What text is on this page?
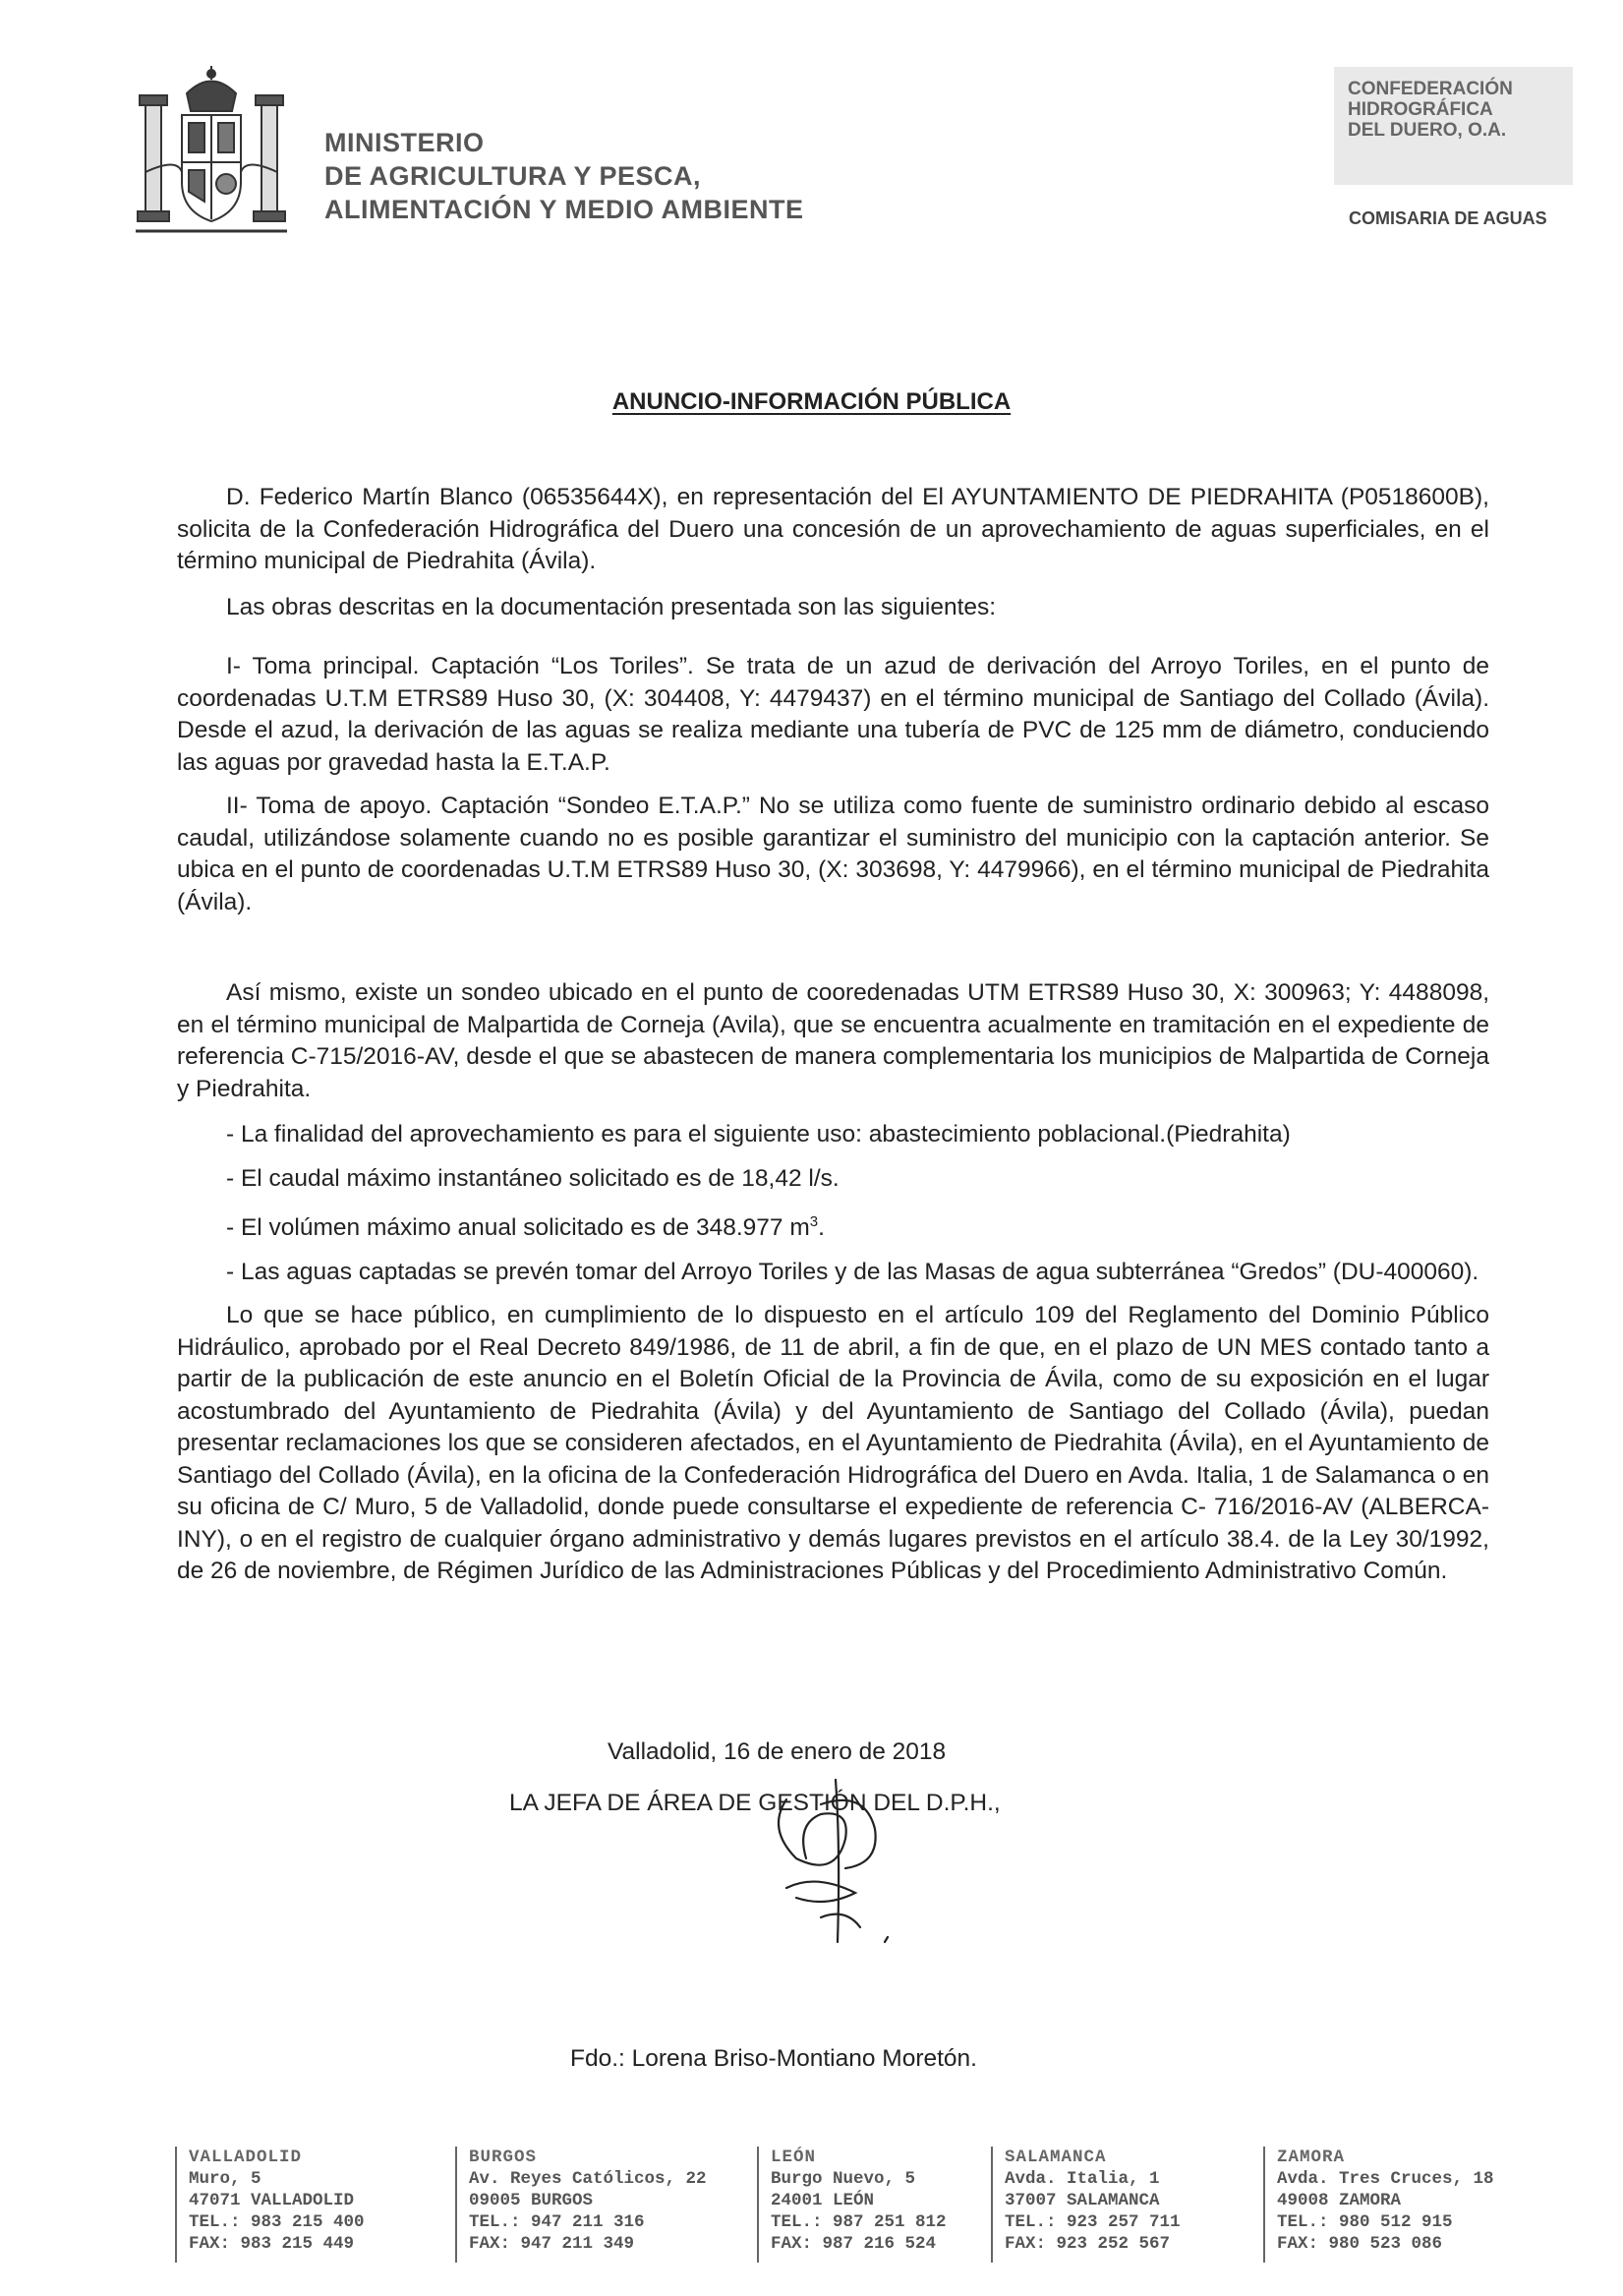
MINISTERIO
DE AGRICULTURA Y PESCA,
ALIMENTACIÓN Y MEDIO AMBIENTE
CONFEDERACIÓN
HIDROGRÁFICA
DEL DUERO, O.A.
COMISARIA DE AGUAS
ANUNCIO-INFORMACIÓN PÚBLICA

D. Federico Martín Blanco (06535644X), en representación del El AYUNTAMIENTO DE PIEDRAHITA (P0518600B), solicita de la Confederación Hidrográfica del Duero una concesión de un aprovechamiento de aguas superficiales, en el término municipal de Piedrahita (Ávila).

Las obras descritas en la documentación presentada son las siguientes:

I- Toma principal. Captación “Los Toriles”. Se trata de un azud de derivación del Arroyo Toriles, en el punto de coordenadas U.T.M ETRS89 Huso 30, (X: 304408, Y: 4479437) en el término municipal de Santiago del Collado (Ávila). Desde el azud, la derivación de las aguas se realiza mediante una tubería de PVC de 125 mm de diámetro, conduciendo las aguas por gravedad hasta la E.T.A.P.

II- Toma de apoyo. Captación “Sondeo E.T.A.P.” No se utiliza como fuente de suministro ordinario debido al escaso caudal, utilizándose solamente cuando no es posible garantizar el suministro del municipio con la captación anterior. Se ubica en el punto de coordenadas U.T.M ETRS89 Huso 30, (X: 303698, Y: 4479966), en el término municipal de Piedrahita (Ávila).

Así mismo, existe un sondeo ubicado en el punto de cooredenadas UTM ETRS89 Huso 30, X: 300963; Y: 4488098, en el término municipal de Malpartida de Corneja (Avila), que se encuentra acualmente en tramitación en el expediente de referencia C-715/2016-AV, desde el que se abastecen de manera complementaria los municipios de Malpartida de Corneja y Piedrahita.

- La finalidad del aprovechamiento es para el siguiente uso: abastecimiento poblacional.(Piedrahita)

- El caudal máximo instantáneo solicitado es de 18,42 l/s.

- El volúmen máximo anual solicitado es de 348.977 $m^3$.

- Las aguas captadas se prevén tomar del Arroyo Toriles y de las Masas de agua subterránea “Gredos” (DU-400060).

Lo que se hace público, en cumplimiento de lo dispuesto en el artículo 109 del Reglamento del Dominio Público Hidráulico, aprobado por el Real Decreto 849/1986, de 11 de abril, a fin de que, en el plazo de UN MES contado tanto a partir de la publicación de este anuncio en el Boletín Oficial de la Provincia de Ávila, como de su exposición en el lugar acostumbrado del Ayuntamiento de Piedrahita (Ávila) y del Ayuntamiento de Santiago del Collado (Ávila), puedan presentar reclamaciones los que se consideren afectados, en el Ayuntamiento de Piedrahita (Ávila), en el Ayuntamiento de Santiago del Collado (Ávila), en la oficina de la Confederación Hidrográfica del Duero en Avda. Italia, 1 de Salamanca o en su oficina de C/ Muro, 5 de Valladolid, donde puede consultarse el expediente de referencia C- 716/2016-AV (ALBERCA-INY), o en el registro de cualquier órgano administrativo y demás lugares previstos en el artículo 38.4. de la Ley 30/1992, de 26 de noviembre, de Régimen Jurídico de las Administraciones Públicas y del Procedimiento Administrativo Común.

Valladolid, 16 de enero de 2018
LA JEFA DE ÁREA DE GESTIÓN DEL D.P.H.,
Fdo.: Lorena Briso-Montiano Moretón.
VALLADOLID
Muro, 5
47071 VALLADOLID
TEL.: 983 215 400
FAX: 983 215 449
BURGOS
Av. Reyes Católicos, 22
09005 BURGOS
TEL.: 947 211 316
FAX: 947 211 349
LEÓN
Burgo Nuevo, 5
24001 LEÓN
TEL.: 987 251 812
FAX: 987 216 524
SALAMANCA
Avda. Italia, 1
37007 SALAMANCA
TEL.: 923 257 711
FAX: 923 252 567
ZAMORA
Avda. Tres Cruces, 18
49008 ZAMORA
TEL.: 980 512 915
FAX: 980 523 086
